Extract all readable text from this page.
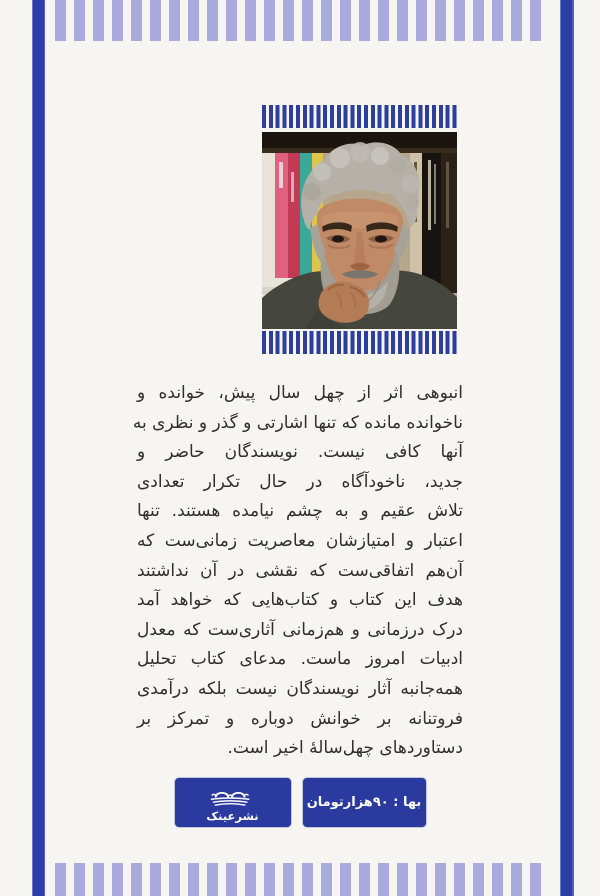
انبوهی اثر از چهل سال پیش، خوانده و
ناخوانده مانده که تنها اشارتی و گذر و نظری به
آنها کافی نیست. نویسندگان حاضر و
جدید، ناخودآگاه در حال تکرار تعدادی
تلاش عقیم و به چشم نیامده هستند. تنها
اعتبار و امتیازشان معاصریت زمانی‌ست که
آن‌هم اتفاقی‌ست که نقشی در آن نداشتند
هدف این کتاب و کتاب‌هایی که خواهد آمد
درک درزمانی و هم‌زمانی آثاری‌ست که معدل
ادبیات امروز ماست. مدعای کتاب تحلیل
همه‌جانبه آثار نویسندگان نیست بلکه درآمدی
فروتنانه بر خوانش دوباره و تمرکز بر
دستاوردهای چهل‌سالهٔ اخیر است.
نشرعینک
بها : ۹۰هزارتومان
